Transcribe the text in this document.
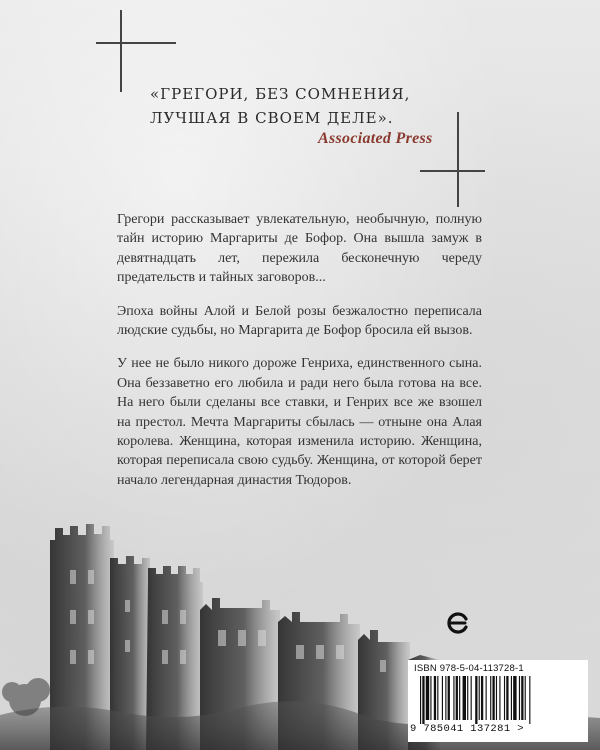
«ГРЕГОРИ, БЕЗ СОМНЕНИЯ,
ЛУЧШАЯ В СВОЕМ ДЕЛЕ».
Associated Press

Грегори рассказывает увлекательную, необычную, полную тайн историю Маргариты де Бофор. Она вышла замуж в девятнадцать лет, пережила бесконечную череду предательств и тайных заговоров...

Эпоха войны Алой и Белой розы безжалостно переписала людские судьбы, но Маргарита де Бофор бросила ей вызов.

У нее не было никого дороже Генриха, единственного сына. Она беззаветно его любила и ради него была готова на все. На него были сделаны все ставки, и Генрих все же взошел на престол. Мечта Маргариты сбылась — отныне она Алая королева. Женщина, которая изменила историю. Женщина, которая переписала свою судьбу. Женщина, от которой берет начало легендарная династия Тюдоров.

ISBN 978-5-04-113728-1
9 785041 137281 >
